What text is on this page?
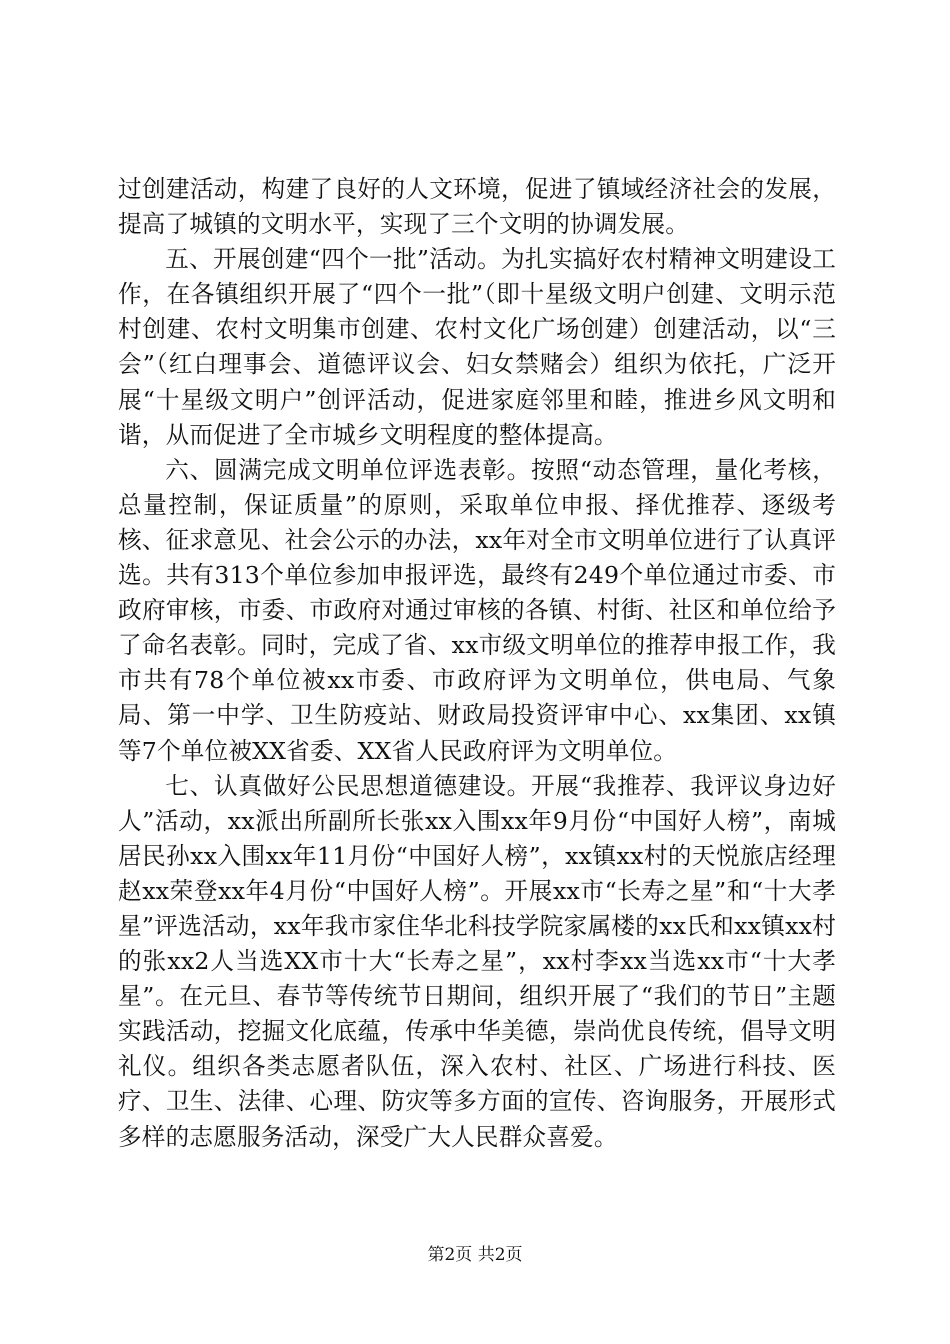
过创建活动，构建了良好的人文环境，促进了镇域经济社会的发展，提高了城镇的文明水平，实现了三个文明的协调发展。

五、开展创建“四个一批”活动。为扎实搞好农村精神文明建设工作，在各镇组织开展了“四个一批”（即十星级文明户创建、文明示范村创建、农村文明集市创建、农村文化广场创建）创建活动，以“三会”（红白理事会、道德评议会、妇女禁赌会）组织为依托，广泛开展“十星级文明户”创评活动，促进家庭邻里和睦，推进乡风文明和谐，从而促进了全市城乡文明程度的整体提高。

六、圆满完成文明单位评选表彰。按照“动态管理，量化考核，总量控制，保证质量”的原则，采取单位申报、择优推荐、逐级考核、征求意见、社会公示的办法，xx年对全市文明单位进行了认真评选。共有313个单位参加申报评选，最终有249个单位通过市委、市政府审核，市委、市政府对通过审核的各镇、村街、社区和单位给予了命名表彰。同时，完成了省、xx市级文明单位的推荐申报工作，我市共有78个单位被xx市委、市政府评为文明单位，供电局、气象局、第一中学、卫生防疫站、财政局投资评审中心、xx集团、xx镇等7个单位被XX省委、XX省人民政府评为文明单位。

七、认真做好公民思想道德建设。开展“我推荐、我评议身边好人”活动，xx派出所副所长张xx入围xx年9月份“中国好人榜”，南城居民孙xx入围xx年11月份“中国好人榜”，xx镇xx村的天悦旅店经理赵xx荣登xx年4月份“中国好人榜”。开展xx市“长寿之星”和“十大孝星”评选活动，xx年我市家住华北科技学院家属楼的xx氏和xx镇xx村的张xx2人当选XX市十大“长寿之星”，xx村李xx当选xx市“十大孝星”。在元旦、春节等传统节日期间，组织开展了“我们的节日”主题实践活动，挖掘文化底蕴，传承中华美德，崇尚优良传统，倡导文明礼仪。组织各类志愿者队伍，深入农村、社区、广场进行科技、医疗、卫生、法律、心理、防灾等多方面的宣传、咨询服务，开展形式多样的志愿服务活动，深受广大人民群众喜爱。

第2页 共2页
